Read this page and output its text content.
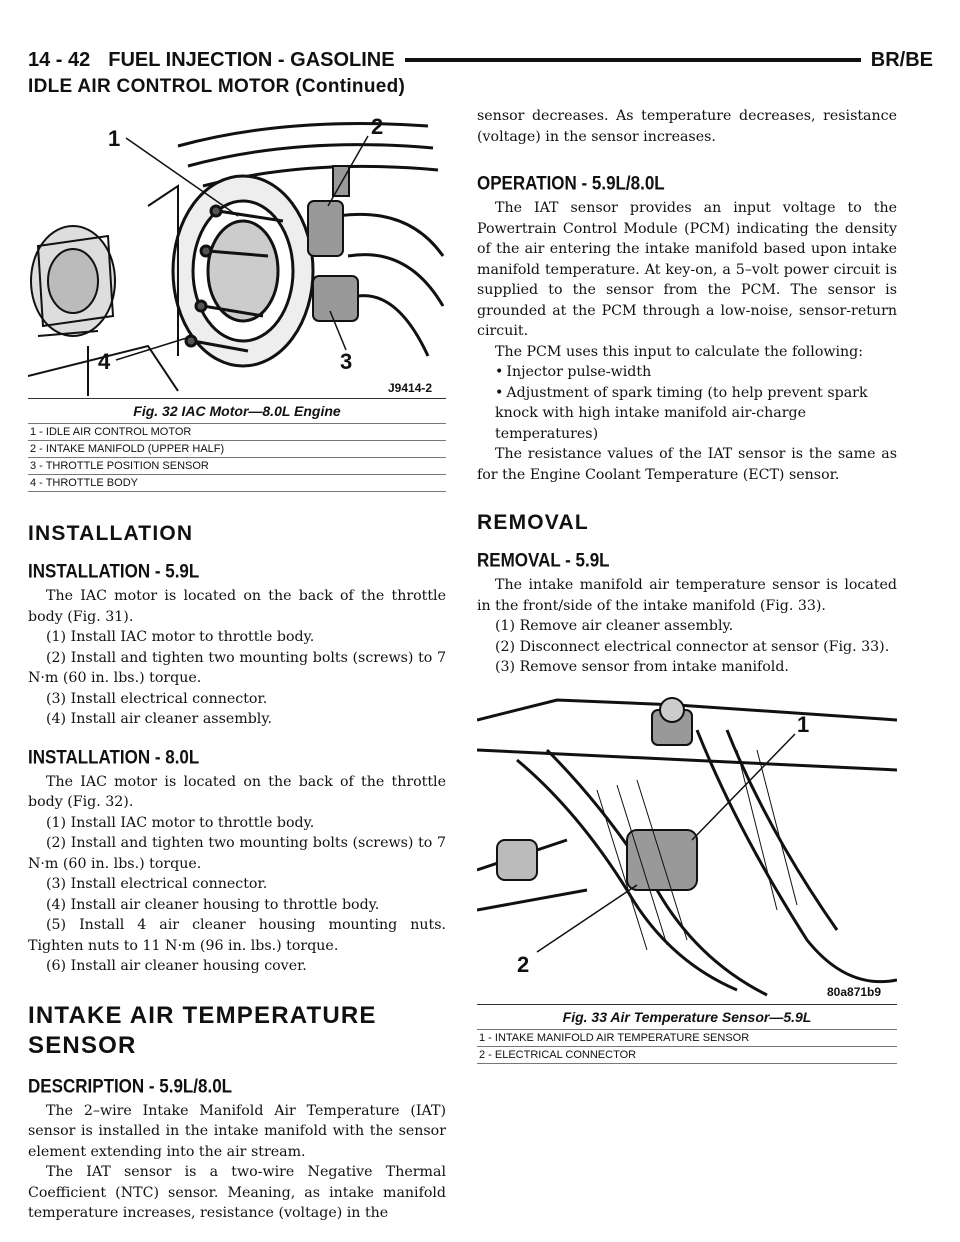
14 - 42 FUEL INJECTION - GASOLINE	BR/BE
IDLE AIR CONTROL MOTOR (Continued)
1	2
3
4
J9414-2
Fig. 32 IAC Motor—8.0L Engine
1 - IDLE AIR CONTROL MOTOR
2 - INTAKE MANIFOLD (UPPER HALF)
3 - THROTTLE POSITION SENSOR
4 - THROTTLE BODY
INSTALLATION
INSTALLATION - 5.9L

The IAC motor is located on the back of the throttle body (Fig. 31).

(1) Install IAC motor to throttle body.

(2) Install and tighten two mounting bolts (screws) to 7 N·m (60 in. lbs.) torque.

(3) Install electrical connector.

(4) Install air cleaner assembly.

INSTALLATION - 8.0L

The IAC motor is located on the back of the throttle body (Fig. 32).

(1) Install IAC motor to throttle body.

(2) Install and tighten two mounting bolts (screws) to 7 N·m (60 in. lbs.) torque.

(3) Install electrical connector.

(4) Install air cleaner housing to throttle body.

(5) Install 4 air cleaner housing mounting nuts. Tighten nuts to 11 N·m (96 in. lbs.) torque.

(6) Install air cleaner housing cover.

INTAKE AIR TEMPERATURE SENSOR
DESCRIPTION - 5.9L/8.0L

The 2–wire Intake Manifold Air Temperature (IAT) sensor is installed in the intake manifold with the sensor element extending into the air stream.

The IAT sensor is a two-wire Negative Thermal Coefficient (NTC) sensor. Meaning, as intake manifold temperature increases, resistance (voltage) in the

OPERATION - 5.9L/8.0L

The IAT sensor provides an input voltage to the Powertrain Control Module (PCM) indicating the density of the air entering the intake manifold based upon intake manifold temperature. At key-on, a 5–volt power circuit is supplied to the sensor from the PCM. The sensor is grounded at the PCM through a low-noise, sensor-return circuit.

The PCM uses this input to calculate the following:

• Injector pulse-width

• Adjustment of spark timing (to help prevent spark knock with high intake manifold air-charge temperatures)

The resistance values of the IAT sensor is the same as for the Engine Coolant Temperature (ECT) sensor.

REMOVAL
REMOVAL - 5.9L

The intake manifold air temperature sensor is located in the front/side of the intake manifold (Fig. 33).

(1) Remove air cleaner assembly.

(2) Disconnect electrical connector at sensor (Fig. 33).

(3) Remove sensor from intake manifold.

sensor decreases. As temperature decreases, resistance (voltage) in the sensor increases.

1
2
80a871b9
Fig. 33 Air Temperature Sensor—5.9L
1 - INTAKE MANIFOLD AIR TEMPERATURE SENSOR
2 - ELECTRICAL CONNECTOR
